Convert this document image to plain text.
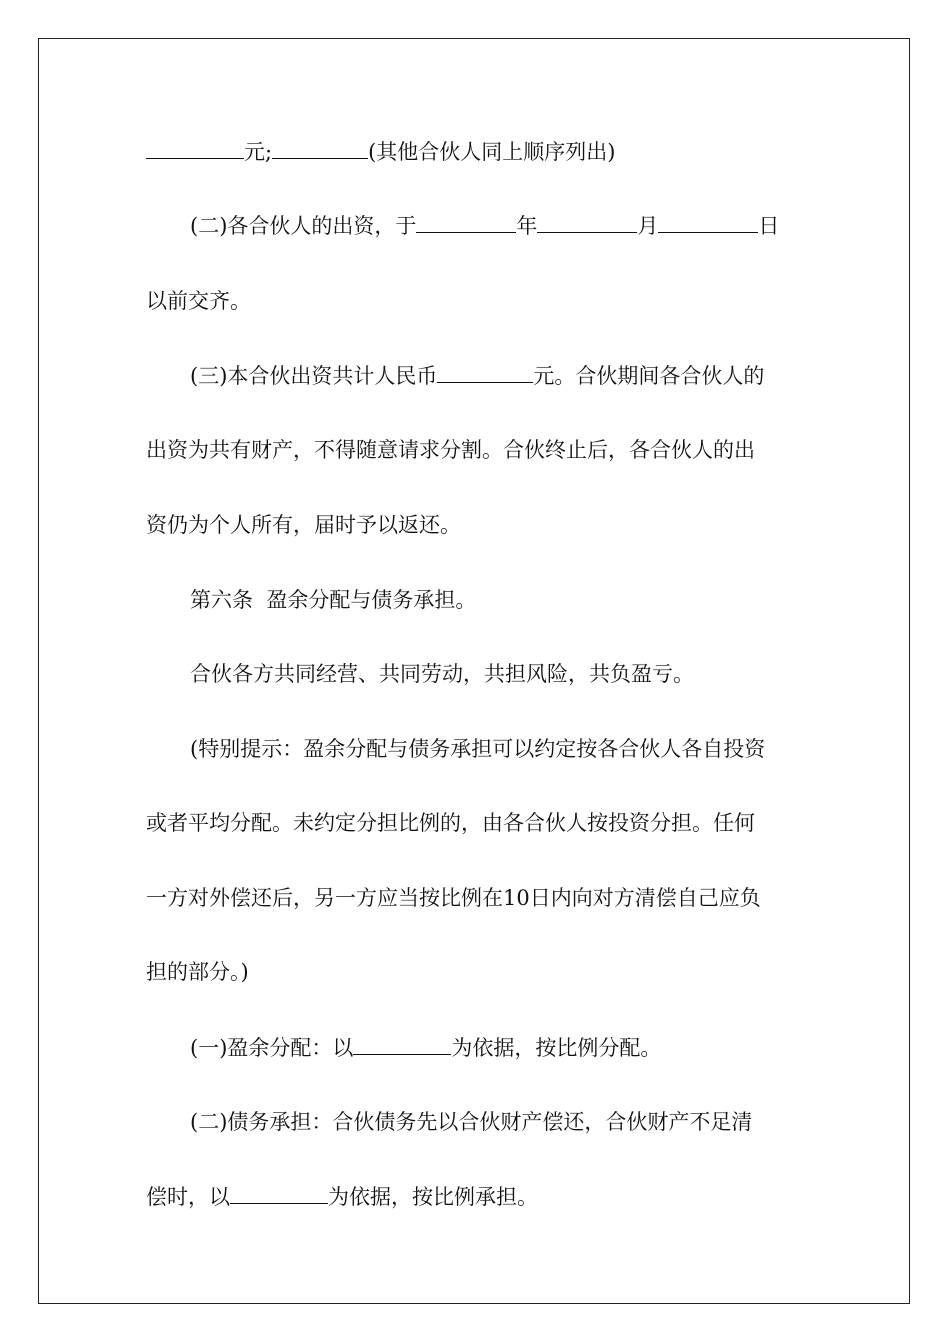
元;	(其他合伙人同上顺序列出)
(二)各合伙人的出资，于	年	月	日
以前交齐。
(三)本合伙出资共计人民币	元。合伙期间各合伙人的
出资为共有财产，不得随意请求分割。合伙终止后，各合伙人的出
资仍为个人所有，届时予以返还。
第六条  盈余分配与债务承担。
合伙各方共同经营、共同劳动，共担风险，共负盈亏。
(特别提示：盈余分配与债务承担可以约定按各合伙人各自投资
或者平均分配。未约定分担比例的，由各合伙人按投资分担。任何
一方对外偿还后，另一方应当按比例在10日内向对方清偿自己应负
担的部分。)
(一)盈余分配：以	为依据，按比例分配。
(二)债务承担：合伙债务先以合伙财产偿还，合伙财产不足清
偿时，以	为依据，按比例承担。
